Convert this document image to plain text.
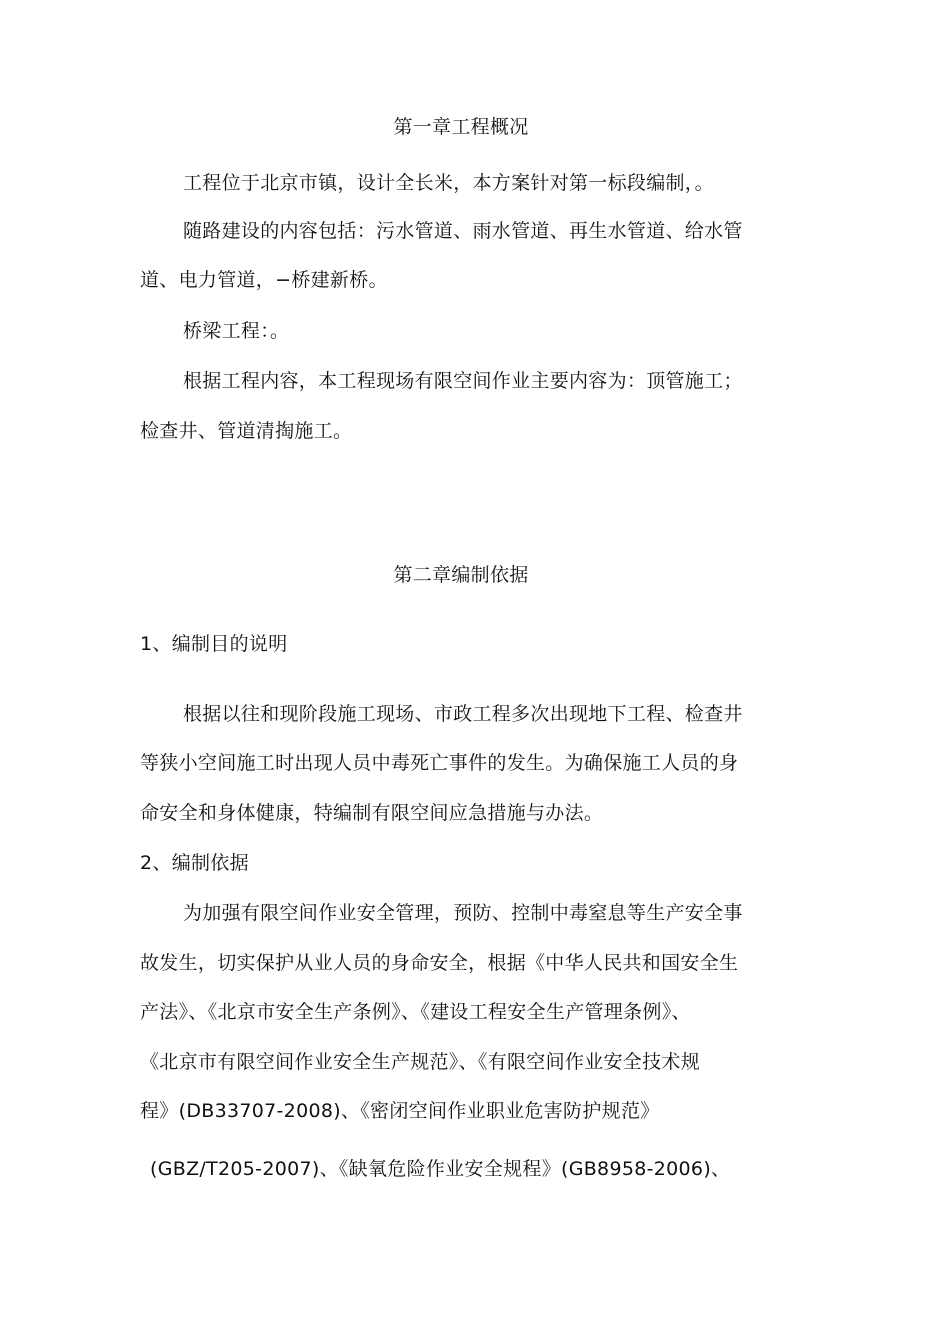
第一章工程概况
工程位于北京市镇，设计全长米，本方案针对第一标段编制，。
随路建设的内容包括：污水管道、雨水管道、再生水管道、给水管
道、电力管道，−桥建新桥。
桥梁工程：。
根据工程内容，本工程现场有限空间作业主要内容为：顶管施工；
检查井、管道清掏施工。
第二章编制依据
1、编制目的说明
根据以往和现阶段施工现场、市政工程多次出现地下工程、检查井
等狭小空间施工时出现人员中毒死亡事件的发生。为确保施工人员的身
命安全和身体健康，特编制有限空间应急措施与办法。
2、编制依据
为加强有限空间作业安全管理，预防、控制中毒窒息等生产安全事
故发生，切实保护从业人员的身命安全，根据《中华人民共和国安全生
产法》、《北京市安全生产条例》、《建设工程安全生产管理条例》、
《北京市有限空间作业安全生产规范》、《有限空间作业安全技术规
程》(DB33707-2008)、《密闭空间作业职业危害防护规范》
(GBZ/T205-2007)、《缺氧危险作业安全规程》(GB8958-2006)、
